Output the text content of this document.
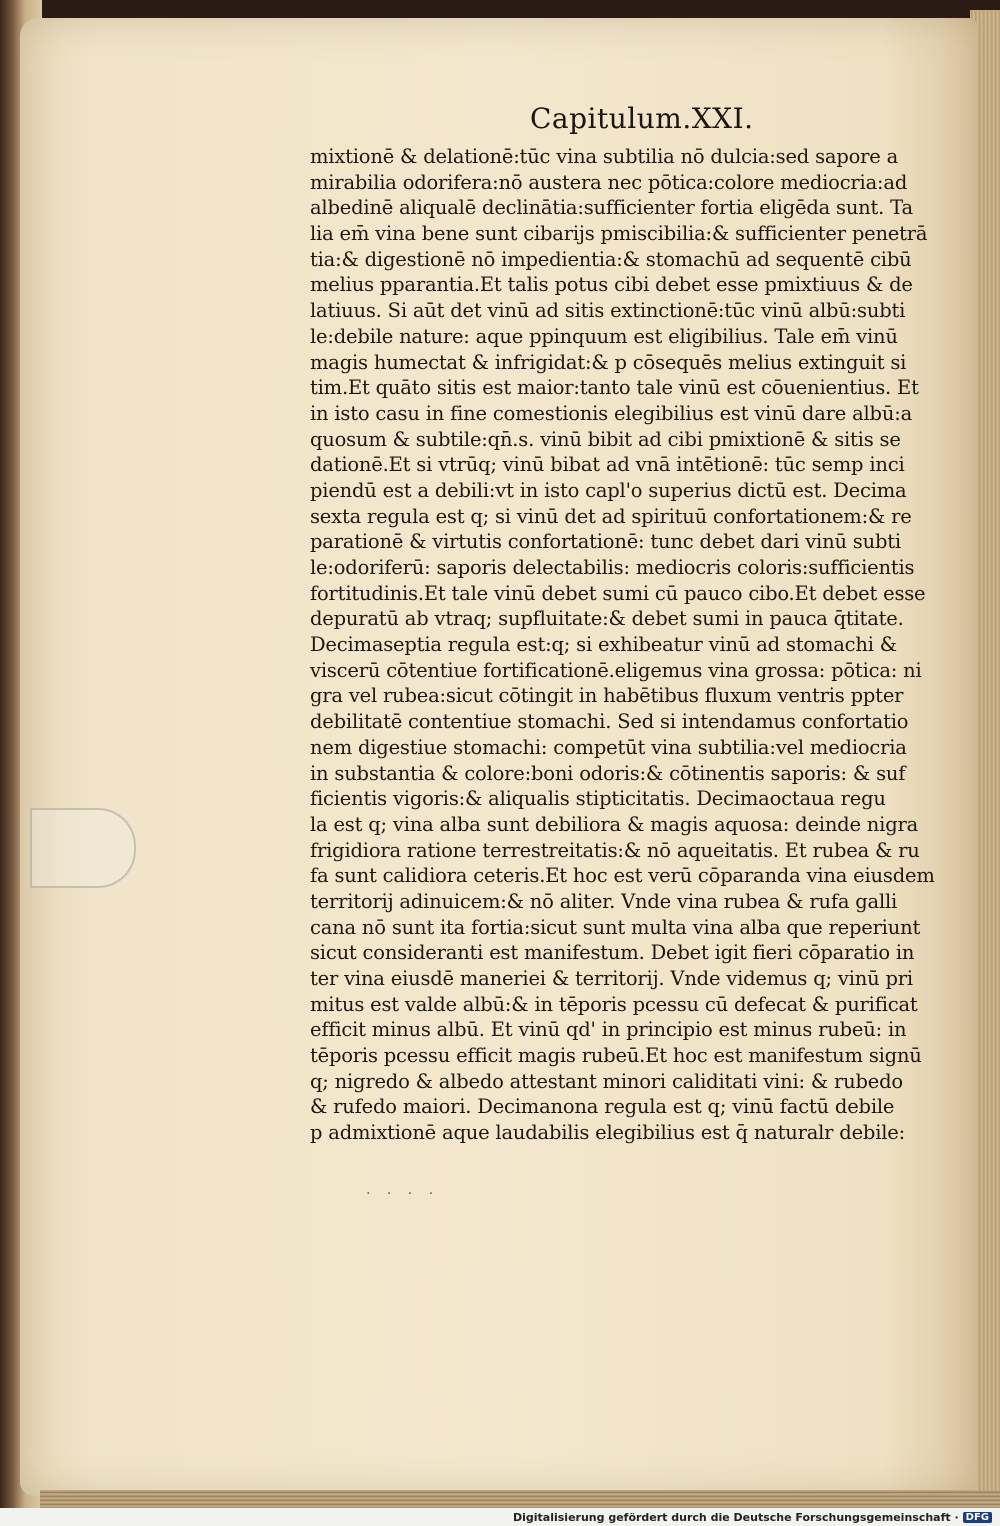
Capitulum.XXI.
mixtionē & delationē:tūc vina subtilia nō dulcia:sed sapore a
mirabilia odorifera:nō austera nec pōtica:colore mediocria:ad
albedinē aliqualē declinātia:sufficienter fortia eligēda sunt. Ta
lia em̄ vina bene sunt cibarijs pmiscibilia:& sufficienter penetrā
tia:& digestionē nō impedientia:& stomachū ad sequentē cibū
melius pparantia.Et talis potus cibi debet esse pmixtiuus & de
latiuus. Si aūt det vinū ad sitis extinctionē:tūc vinū albū:subti
le:debile nature: aque ppinquum est eligibilius. Tale em̄ vinū
magis humectat & infrigidat:& p cōsequēs melius extinguit si
tim.Et quāto sitis est maior:tanto tale vinū est cōuenientius. Et
in isto casu in fine comestionis elegibilius est vinū dare albū:a
quosum & subtile:qn̄.s. vinū bibit ad cibi pmixtionē & sitis se
dationē.Et si vtrūq; vinū bibat ad vnā intētionē: tūc semp inci
piendū est a debili:vt in isto capl'o superius dictū est. Decima
sexta regula est q; si vinū det ad spirituū confortationem:& re
parationē & virtutis confortationē: tunc debet dari vinū subti
le:odoriferū: saporis delectabilis: mediocris coloris:sufficientis
fortitudinis.Et tale vinū debet sumi cū pauco cibo.Et debet esse
depuratū ab vtraq; supfluitate:& debet sumi in pauca q̄titate.
Decimaseptia regula est:q; si exhibeatur vinū ad stomachi &
viscerū cōtentiue fortificationē.eligemus vina grossa: pōtica: ni
gra vel rubea:sicut cōtingit in habētibus fluxum ventris ppter
debilitatē contentiue stomachi. Sed si intendamus confortatio
nem digestiue stomachi: competūt vina subtilia:vel mediocria
in substantia & colore:boni odoris:& cōtinentis saporis: & suf
ficientis vigoris:& aliqualis stipticitatis. Decimaoctaua regu
la est q; vina alba sunt debiliora & magis aquosa: deinde nigra
frigidiora ratione terrestreitatis:& nō aqueitatis. Et rubea & ru
fa sunt calidiora ceteris.Et hoc est verū cōparanda vina eiusdem
territorij adinuicem:& nō aliter. Vnde vina rubea & rufa galli
cana nō sunt ita fortia:sicut sunt multa vina alba que reperiunt
sicut consideranti est manifestum. Debet igit fieri cōparatio in
ter vina eiusdē maneriei & territorij. Vnde videmus q; vinū pri
mitus est valde albū:& in tēporis pcessu cū defecat & purificat
efficit minus albū. Et vinū qd' in principio est minus rubeū: in
tēporis pcessu efficit magis rubeū.Et hoc est manifestum signū
q; nigredo & albedo attestant minori caliditati vini: & rubedo
& rufedo maiori. Decimanona regula est q; vinū factū debile
p admixtionē aque laudabilis elegibilius est q̄ naturalr debile:
· · · ·
Digitalisierung gefördert durch die Deutsche Forschungsgemeinschaft · DFG
